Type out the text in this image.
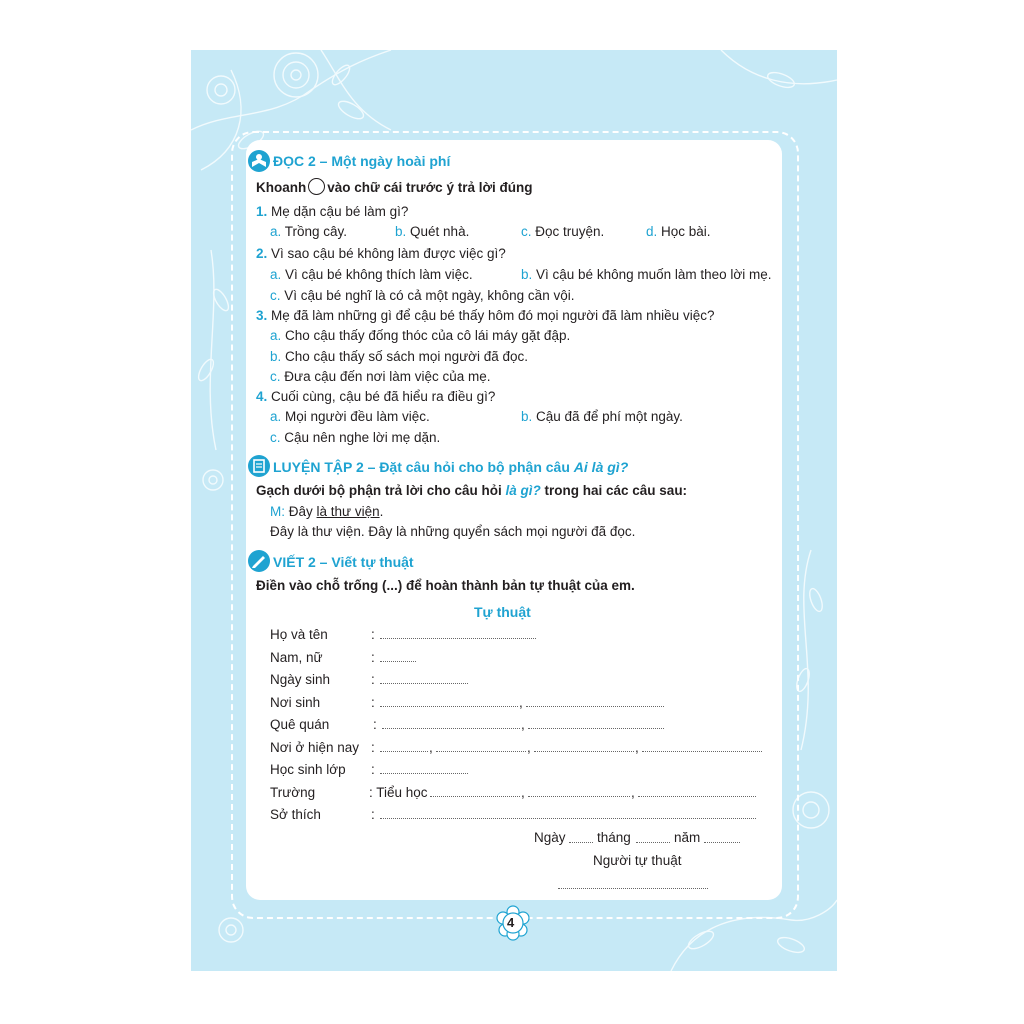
ĐỌC 2 – Một ngày hoài phí
Khoanh ○ vào chữ cái trước ý trả lời đúng
1. Mẹ dặn cậu bé làm gì?
a. Trồng cây.	b. Quét nhà.	c. Đọc truyện.	d. Học bài.
2. Vì sao cậu bé không làm được việc gì?
a. Vì cậu bé không thích làm việc.	b. Vì cậu bé không muốn làm theo lời mẹ.
c. Vì cậu bé nghĩ là có cả một ngày, không cần vội.
3. Mẹ đã làm những gì để cậu bé thấy hôm đó mọi người đã làm nhiều việc?
a. Cho cậu thấy đống thóc của cô lái máy gặt đập.
b. Cho cậu thấy số sách mọi người đã đọc.
c. Đưa cậu đến nơi làm việc của mẹ.
4. Cuối cùng, cậu bé đã hiểu ra điều gì?
a. Mọi người đều làm việc.	b. Cậu đã để phí một ngày.
c. Cậu nên nghe lời mẹ dặn.
LUYỆN TẬP 2 – Đặt câu hỏi cho bộ phận câu Ai là gì?
Gạch dưới bộ phận trả lời cho câu hỏi là gì? trong hai các câu sau:
M: Đây là thư viện.
Đây là thư viện. Đây là những quyển sách mọi người đã đọc.
VIẾT 2 – Viết tự thuật
Điền vào chỗ trống (...) để hoàn thành bản tự thuật của em.
Tự thuật
Họ và tên	:
Nam, nữ	:
Ngày sinh	:
Nơi sinh	:	,
Quê quán	:	,
Nơi ở hiện nay :	,	,	,
Học sinh lớp :
Trường	: Tiểu học	,	,
Sở thích	:
Ngày tháng	năm
Người tự thuật
4
